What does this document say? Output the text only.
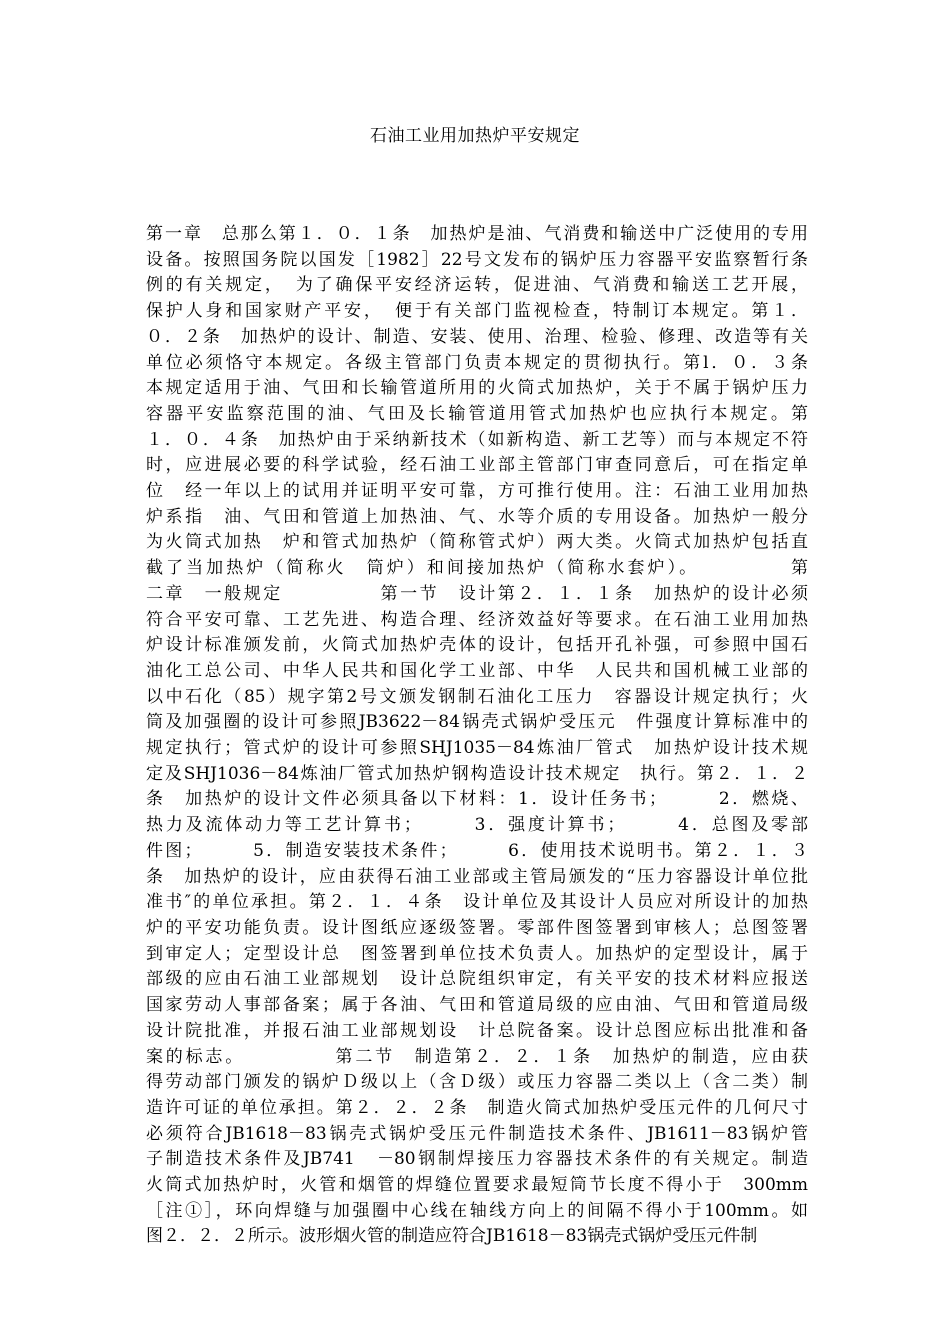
石油工业用加热炉平安规定
第一章　总那么第１．０．１条　加热炉是油、气消费和输送中广泛使用的专用
设备。按照国务院以国发［1982］22号文发布的锅炉压力容器平安监察暂行条
例的有关规定，　为了确保平安经济运转，促进油、气消费和输送工艺开展，
保护人身和国家财产平安，　便于有关部门监视检查，特制订本规定。第１．
０．２条　加热炉的设计、制造、安装、使用、治理、检验、修理、改造等有关
单位必须恪守本规定。各级主管部门负责本规定的贯彻执行。第l．０．３条
本规定适用于油、气田和长输管道所用的火筒式加热炉，关于不属于锅炉压力
容器平安监察范围的油、气田及长输管道用管式加热炉也应执行本规定。第
１．０．４条　加热炉由于采纳新技术（如新构造、新工艺等）而与本规定不符
时，应进展必要的科学试验，经石油工业部主管部门审查同意后，可在指定单
位　经一年以上的试用并证明平安可靠，方可推行使用。注：石油工业用加热
炉系指　油、气田和管道上加热油、气、水等介质的专用设备。加热炉一般分
为火筒式加热　炉和管式加热炉（简称管式炉）两大类。火筒式加热炉包括直
截了当加热炉（简称火　筒炉）和间接加热炉（简称水套炉）。　　　　　第
二章　一般规定　　　　　第一节　设计第２．１．１条　加热炉的设计必须
符合平安可靠、工艺先进、构造合理、经济效益好等要求。在石油工业用加热
炉设计标准颁发前，火筒式加热炉壳体的设计，包括开孔补强，可参照中国石
油化工总公司、中华人民共和国化学工业部、中华　人民共和国机械工业部的
以中石化（85）规字第2号文颁发钢制石油化工压力　容器设计规定执行；火
筒及加强圈的设计可参照JB3622－84锅壳式锅炉受压元　件强度计算标准中的
规定执行；管式炉的设计可参照SHJ1035－84炼油厂管式　加热炉设计技术规
定及SHJ1036－84炼油厂管式加热炉钢构造设计技术规定　执行。第２．１．２
条　加热炉的设计文件必须具备以下材料：1．设计任务书；　　　2．燃烧、
热力及流体动力等工艺计算书；　　　3．强度计算书；　　　4．总图及零部
件图；　　　5．制造安装技术条件；　　　6．使用技术说明书。第２．１．３
条　加热炉的设计，应由获得石油工业部或主管局颁发的“压力容器设计单位批
准书″的单位承担。第２．１．４条　设计单位及其设计人员应对所设计的加热
炉的平安功能负责。设计图纸应逐级签署。零部件图签署到审核人；总图签署
到审定人；定型设计总　图签署到单位技术负责人。加热炉的定型设计，属于
部级的应由石油工业部规划　设计总院组织审定，有关平安的技术材料应报送
国家劳动人事部备案；属于各油、气田和管道局级的应由油、气田和管道局级
设计院批准，并报石油工业部规划设　计总院备案。设计总图应标出批准和备
案的标志。　　　　　第二节　制造第２．２．１条　加热炉的制造，应由获
得劳动部门颁发的锅炉Ｄ级以上（含Ｄ级）或压力容器二类以上（含二类）制
造许可证的单位承担。第２．２．２条　制造火筒式加热炉受压元件的几何尺寸
必须符合JB1618－83锅壳式锅炉受压元件制造技术条件、JB1611－83锅炉管
子制造技术条件及JB741　－80钢制焊接压力容器技术条件的有关规定。制造
火筒式加热炉时，火管和烟管的焊缝位置要求最短筒节长度不得小于　300mm
［注①］，环向焊缝与加强圈中心线在轴线方向上的间隔不得小于100mm。如
图２．２．２所示。波形烟火管的制造应符合JB1618－83锅壳式锅炉受压元件制
